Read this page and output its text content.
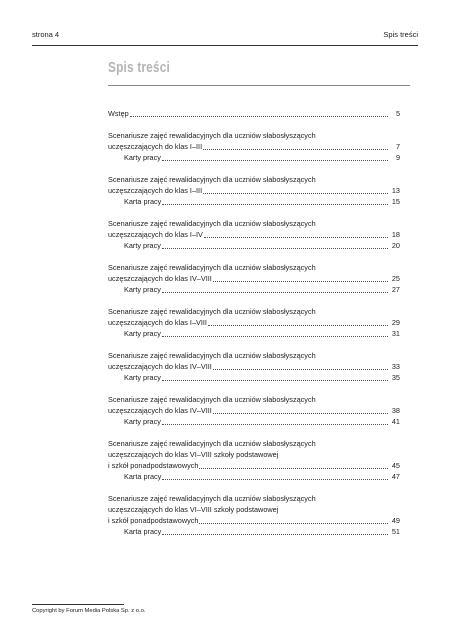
strona 4	Spis treści
Spis treści
Wstęp	5
Scenariusze zajęć rewalidacyjnych dla uczniów słabosłyszących
uczęszczających do klas I–III	7
Karty pracy	9
Scenariusze zajęć rewalidacyjnych dla uczniów słabosłyszących
uczęszczających do klas I–III	13
Karta pracy	15
Scenariusze zajęć rewalidacyjnych dla uczniów słabosłyszących
uczęszczających do klas I–IV	18
Karty pracy	20
Scenariusze zajęć rewalidacyjnych dla uczniów słabosłyszących
uczęszczających do klas IV–VIII	25
Karty pracy	27
Scenariusze zajęć rewalidacyjnych dla uczniów słabosłyszących
uczęszczających do klas I–VIII	29
Karty pracy	31
Scenariusze zajęć rewalidacyjnych dla uczniów słabosłyszących
uczęszczających do klas IV–VIII	33
Karty pracy	35
Scenariusze zajęć rewalidacyjnych dla uczniów słabosłyszących
uczęszczających do klas IV–VIII	38
Karty pracy	41
Scenariusze zajęć rewalidacyjnych dla uczniów słabosłyszących
uczęszczających do klas VI–VIII szkoły podstawowej
i szkół ponadpodstawowych	45
Karta pracy	47
Scenariusze zajęć rewalidacyjnych dla uczniów słabosłyszących
uczęszczających do klas VI–VIII szkoły podstawowej
i szkół ponadpodstawowych	49
Karta pracy	51
Copyright by Forum Media Polska Sp. z o.o.
